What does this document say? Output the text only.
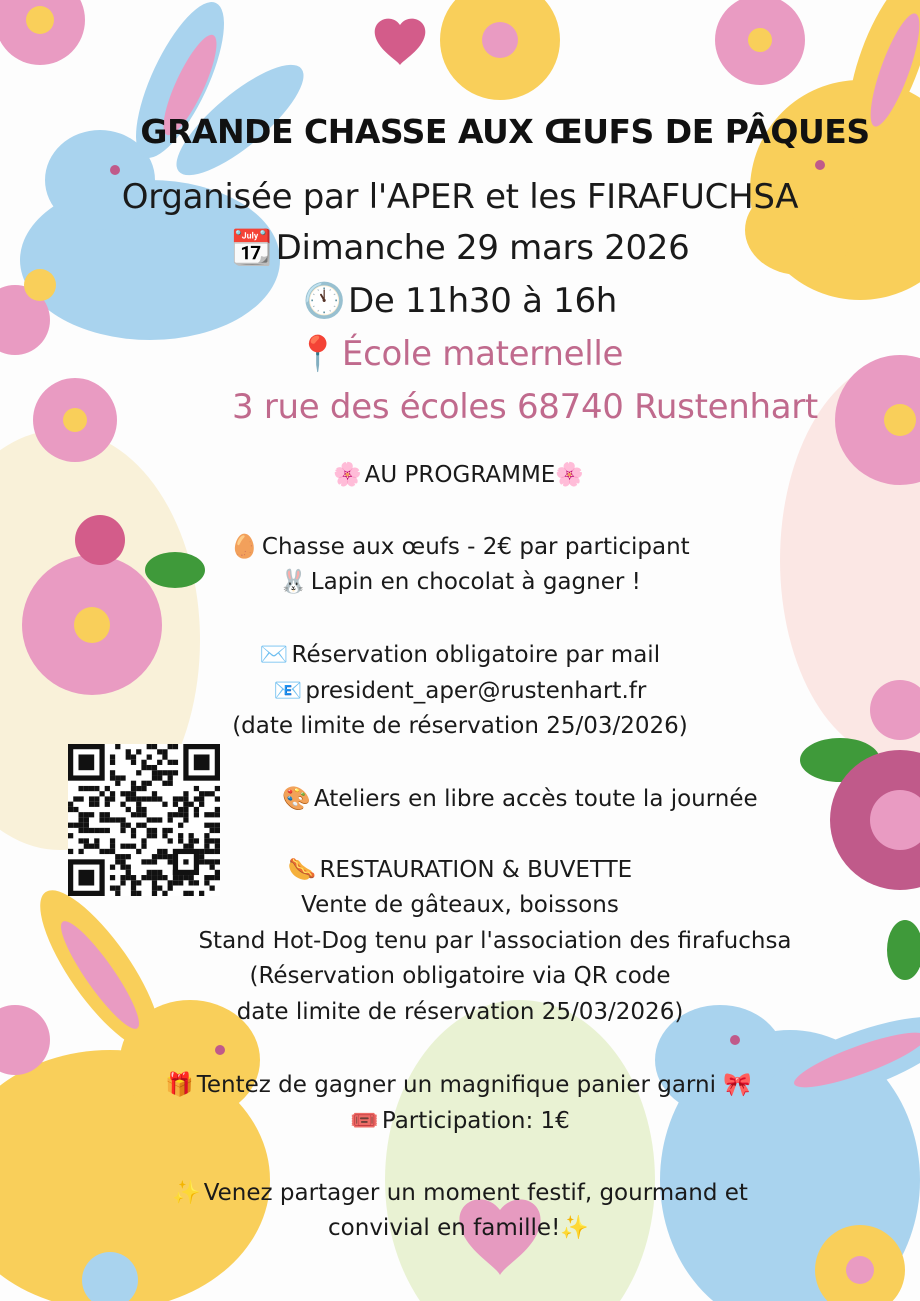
GRANDE CHASSE AUX ŒUFS DE PÂQUES
Organisée par l'APER et les FIRAFUCHSA
📆Dimanche 29 mars 2026
🕚De 11h30 à 16h
📍École maternelle
3 rue des écoles 68740 Rustenhart
🌸 AU PROGRAMME🌸
🥚 Chasse aux œufs - 2€ par participant
🐰 Lapin en chocolat à gagner !
✉️ Réservation obligatoire par mail
📧 president_aper@rustenhart.fr
(date limite de réservation 25/03/2026)
🎨 Ateliers en libre accès toute la journée
🌭 RESTAURATION & BUVETTE
Vente de gâteaux, boissons
Stand Hot-Dog tenu par l'association des firafuchsa
(Réservation obligatoire via QR code
date limite de réservation 25/03/2026)
🎁 Tentez de gagner un magnifique panier garni 🎀
🎟️ Participation: 1€
✨ Venez partager un moment festif, gourmand et
convivial en famille!✨
